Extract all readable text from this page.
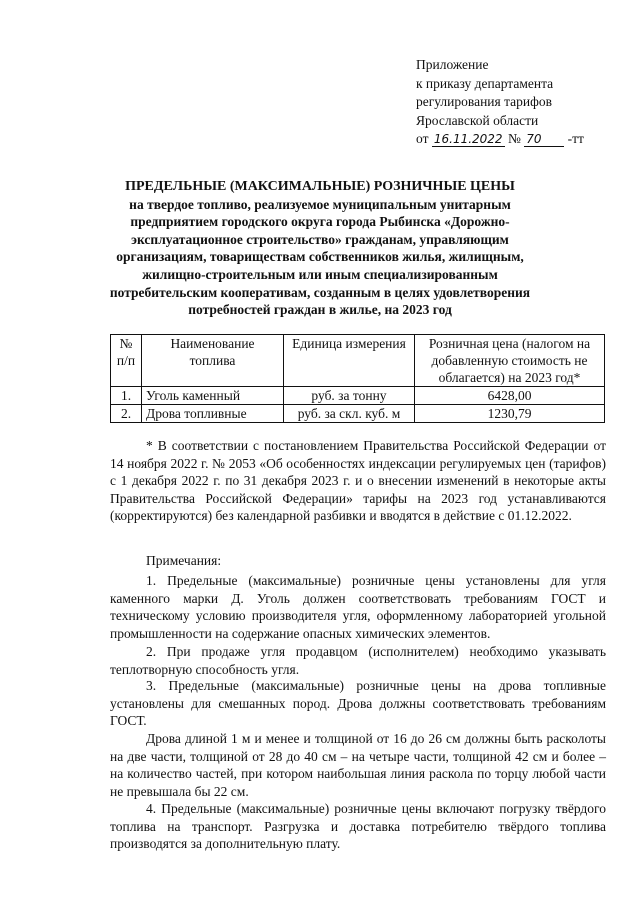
Приложение
к приказу департамента
регулирования тарифов
Ярославской области
от 16.11.2022 № 70 -тт
ПРЕДЕЛЬНЫЕ (МАКСИМАЛЬНЫЕ) РОЗНИЧНЫЕ ЦЕНЫ
на твердое топливо, реализуемое муниципальным унитарным
предприятием городского округа города Рыбинска «Дорожно-
эксплуатационное строительство» гражданам, управляющим
организациям, товариществам собственников жилья, жилищным,
жилищно-строительным или иным специализированным
потребительским кооперативам, созданным в целях удовлетворения
потребностей граждан в жилье, на 2023 год
№ п/п	Наименование топлива	Единица измерения	Розничная цена (налогом на добавленную стоимость не облагается) на 2023 год*
1.	Уголь каменный	руб. за тонну	6428,00
2.	Дрова топливные	руб. за скл. куб. м	1230,79
* В соответствии с постановлением Правительства Российской Федерации от 14 ноября 2022 г. № 2053 «Об особенностях индексации регулируемых цен (тарифов) с 1 декабря 2022 г. по 31 декабря 2023 г. и о внесении изменений в некоторые акты Правительства Российской Федерации» тарифы на 2023 год устанавливаются (корректируются) без календарной разбивки и вводятся в действие с 01.12.2022.
Примечания:
1. Предельные (максимальные) розничные цены установлены для угля каменного марки Д. Уголь должен соответствовать требованиям ГОСТ и техническому условию производителя угля, оформленному лабораторией угольной промышленности на содержание опасных химических элементов.
2. При продаже угля продавцом (исполнителем) необходимо указывать теплотворную способность угля.
3. Предельные (максимальные) розничные цены на дрова топливные установлены для смешанных пород. Дрова должны соответствовать требованиям ГОСТ.
Дрова длиной 1 м и менее и толщиной от 16 до 26 см должны быть расколоты на две части, толщиной от 28 до 40 см – на четыре части, толщиной 42 см и более – на количество частей, при котором наибольшая линия раскола по торцу любой части не превышала бы 22 см.
4. Предельные (максимальные) розничные цены включают погрузку твёрдого топлива на транспорт. Разгрузка и доставка потребителю твёрдого топлива производятся за дополнительную плату.
